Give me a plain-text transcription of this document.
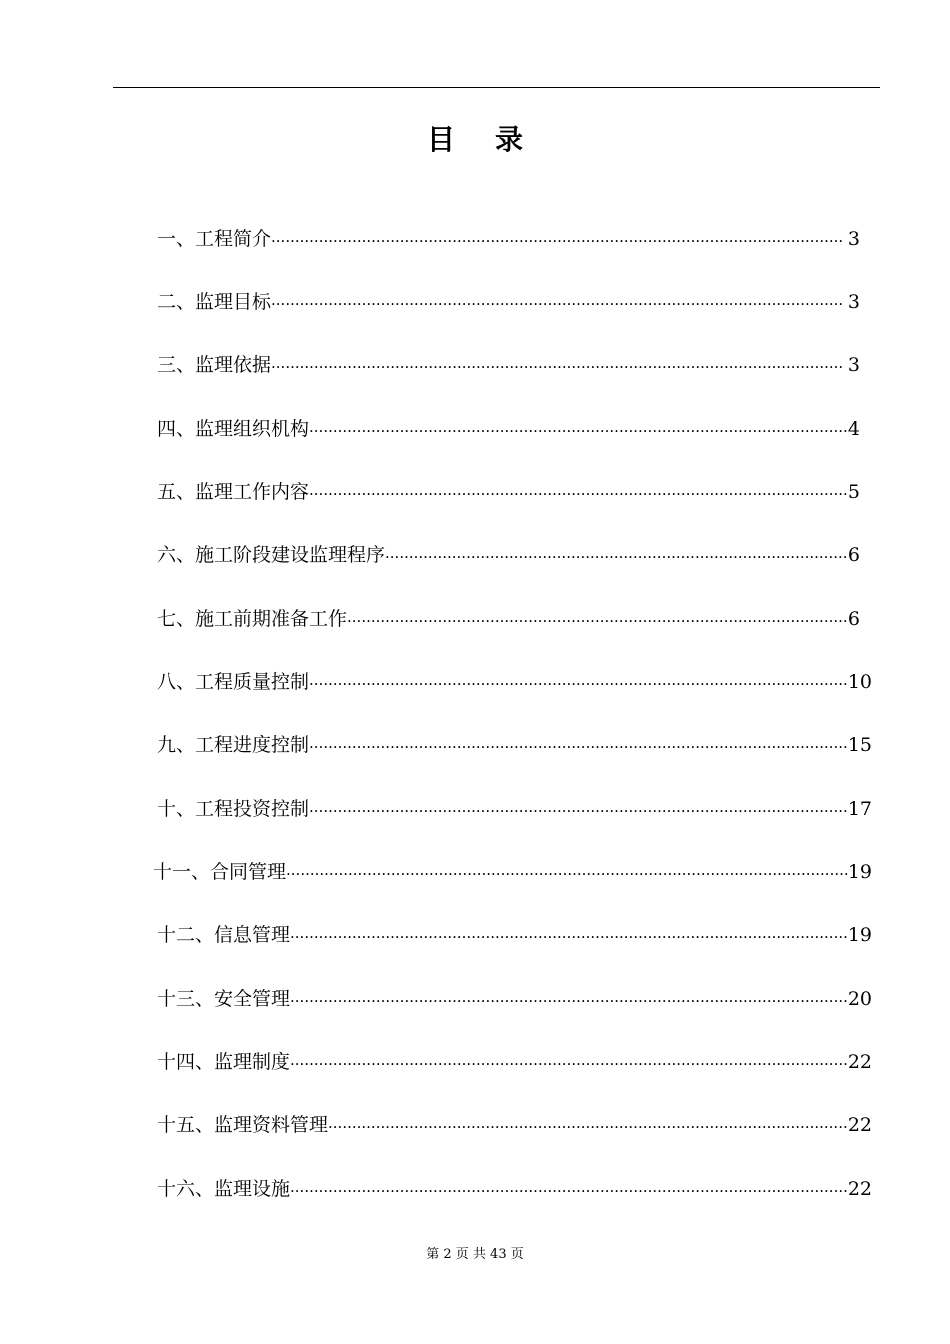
目 录
一、工程简介 ·····	3
二、监理目标 ·····	3
三、监理依据 ·····	3
四、监理组织机构 ·····	4
五、监理工作内容 ·····	5
六、施工阶段建设监理程序 ·····	6
七、施工前期准备工作 ·····	6
八、工程质量控制 ·····	10
九、工程进度控制 ·····	15
十、工程投资控制 ·····	17
十一、合同管理 ·····	19
十二、信息管理 ·····	19
十三、安全管理 ·····	20
十四、监理制度 ·····	22
十五、监理资料管理 ·····	22
十六、监理设施 ·····	22
第 2 页 共 43 页
